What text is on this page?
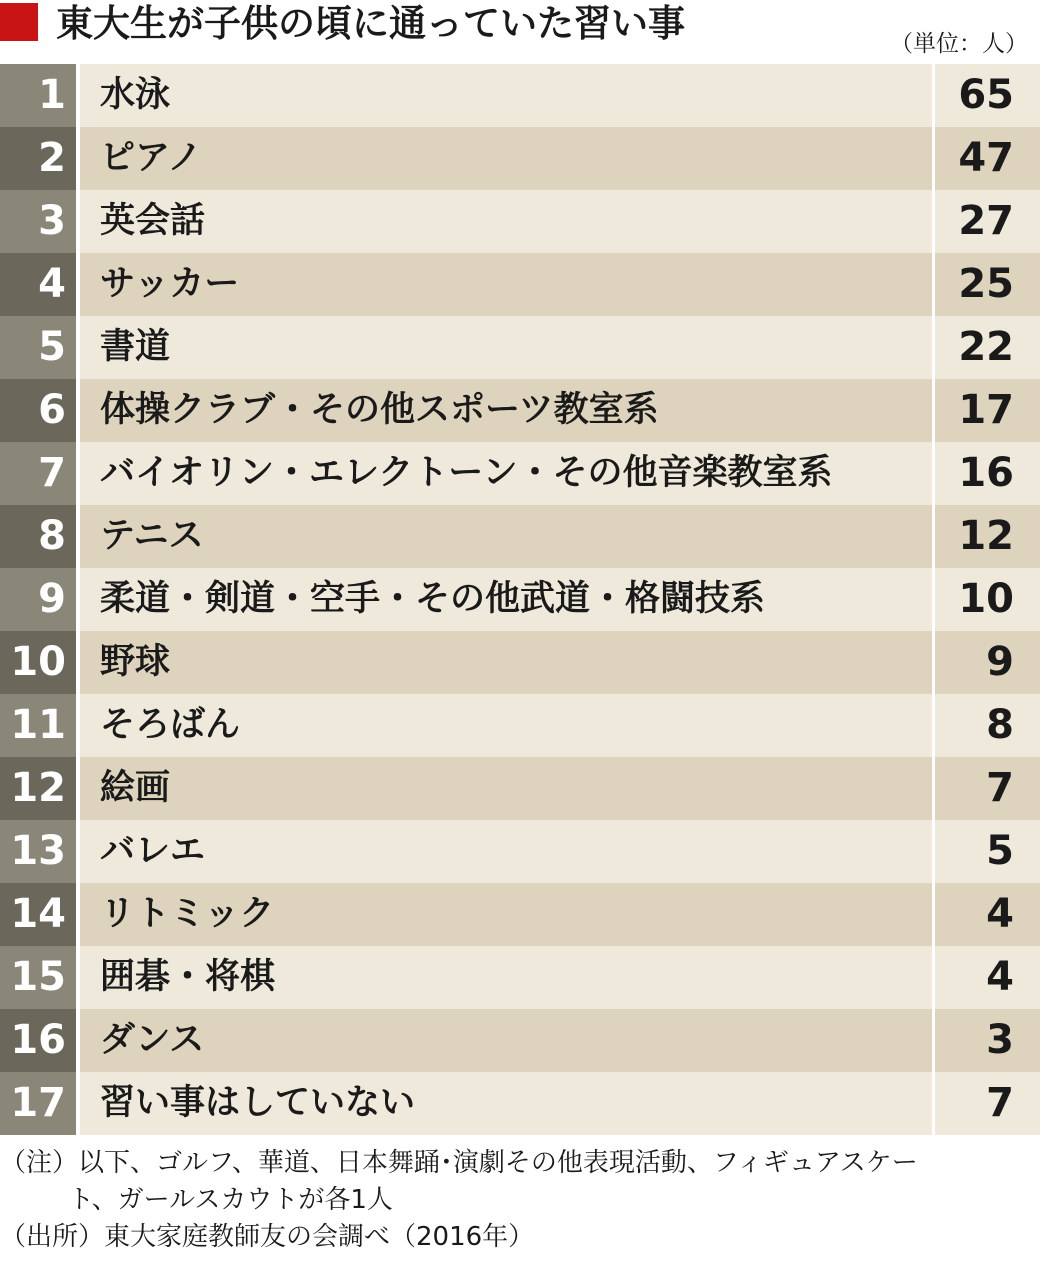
東大生が子供の頃に通っていた習い事	（単位：人）
1 水泳	65
2 ピアノ	47
3 英会話	27
4 サッカー	25
5 書道	22
6 体操クラブ・その他スポーツ教室系	17
7 バイオリン・エレクトーン・その他音楽教室系	16
8 テニス	12
9 柔道・剣道・空手・その他武道・格闘技系	10
10 野球	9
11 そろばん	8
12 絵画	7
13 バレエ	5
14 リトミック	4
15 囲碁・将棋	4
16 ダンス	3
17 習い事はしていない	7
（注）以下、ゴルフ、華道、日本舞踊･演劇その他表現活動、フィギュアスケー
ト、ガールスカウトが各1人
（出所）東大家庭教師友の会調べ（2016年）
